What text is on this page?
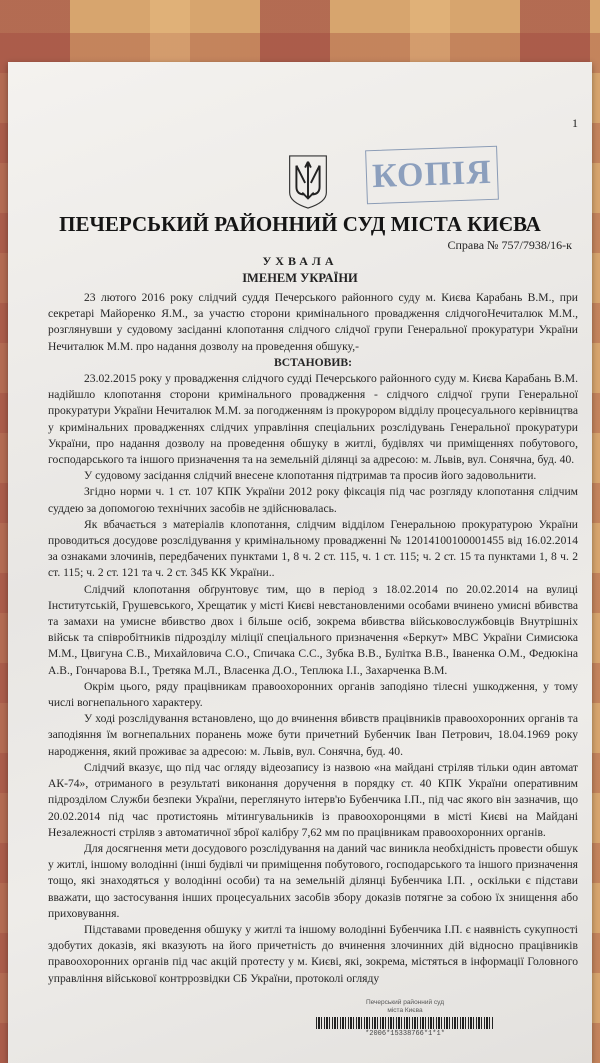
1
КОПІЯ
ПЕЧЕРСЬКИЙ РАЙОННИЙ СУД МІСТА КИЄВА
Справа № 757/7938/16-к
УХВАЛА
ІМЕНЕМ УКРАЇНИ

23 лютого 2016 року слідчий суддя Печерського районного суду м. Києва Карабань В.М., при секретарі Майоренко Я.М., за участю сторони кримінального провадження слідчогоНечиталюк М.М., розглянувши у судовому засіданні клопотання слідчого слідчої групи Генеральної прокуратури України Нечиталюк М.М. про надання дозволу на проведення обшуку,-

ВСТАНОВИВ:

23.02.2015 року у провадження слідчого судді Печерського районного суду м. Києва Карабань В.М. надійшло клопотання сторони кримінального провадження - слідчого слідчої групи Генеральної прокуратури України Нечиталюк М.М. за погодженням із прокурором відділу процесуального керівництва у кримінальних провадженнях слідчих управління спеціальних розслідувань Генеральної прокуратури України, про надання дозволу на проведення обшуку в житлі, будівлях чи приміщеннях побутового, господарського та іншого призначення та на земельній ділянці за адресою: м. Львів, вул. Сонячна, буд. 40.

У судовому засідання слідчий внесене клопотання підтримав та просив його задовольнити.

Згідно норми ч. 1 ст. 107 КПК України 2012 року фіксація під час розгляду клопотання слідчим суддею за допомогою технічних засобів не здійснювалась.

Як вбачається з матеріалів клопотання, слідчим відділом Генеральною прокуратурою України проводиться досудове розслідування у кримінальному провадженні № 12014100100001455 від 16.02.2014 за ознаками злочинів, передбачених пунктами 1, 8 ч. 2 ст. 115, ч. 1 ст. 115; ч. 2 ст. 15 та пунктами 1, 8 ч. 2 ст. 115; ч. 2 ст. 121 та ч. 2 ст. 345 КК України..

Слідчий клопотання обґрунтовує тим, що в період з 18.02.2014 по 20.02.2014 на вулиці Інститутській, Грушевського, Хрещатик у місті Києві невстановленими особами вчинено умисні вбивства та замахи на умисне вбивство двох і більше осіб, зокрема вбивства військовослужбовців Внутрішніх військ та співробітників підрозділу міліції спеціального призначення «Беркут» МВС України Симисюка М.М., Цвигуна С.В., Михайловича С.О., Спичака С.С., Зубка В.В., Булітка В.В., Іваненка О.М., Федюкіна А.В., Гончарова В.І., Третяка М.Л., Власенка Д.О., Теплюка І.І., Захарченка В.М.

Окрім цього, ряду працівникам правоохоронних органів заподіяно тілесні ушкодження, у тому числі вогнепального характеру.

У ході розслідування встановлено, що до вчинення вбивств працівників правоохоронних органів та заподіяння їм вогнепальних поранень може бути причетний Бубенчик Іван Петрович, 18.04.1969 року народження, який проживає за адресою: м. Львів, вул. Сонячна, буд. 40.

Слідчий вказує, що під час огляду відеозапису із назвою «на майдані стріляв тільки один автомат АК-74», отриманого в результаті виконання доручення в порядку ст. 40 КПК України оперативним підрозділом Служби безпеки України, переглянуто інтерв'ю Бубенчика І.П., під час якого він зазначив, що 20.02.2014 під час протистоянь мітингувальників із правоохоронцями в місті Києві на Майдані Незалежності стріляв з автоматичної зброї калібру 7,62 мм по працівникам правоохоронних органів.

Для досягнення мети досудового розслідування на даний час виникла необхідність провести обшук у житлі, іншому володінні (інші будівлі чи приміщення побутового, господарського та іншого призначення тощо, які знаходяться у володінні особи) та на земельній ділянці Бубенчика І.П. , оскільки є підстави вважати, що застосування інших процесуальних засобів збору доказів потягне за собою їх знищення або приховування.

Підставами проведення обшуку у житлі та іншому володінні Бубенчика І.П. є наявність сукупності здобутих доказів, які вказують на його причетність до вчинення злочинних дій відносно працівників правоохоронних органів під час акцій протесту у м. Києві, які, зокрема, містяться в інформації Головного управління військової контррозвідки СБ України, протоколі огляду

Печерський районний суд
міста Києва
*2006*15338766*1*1*
